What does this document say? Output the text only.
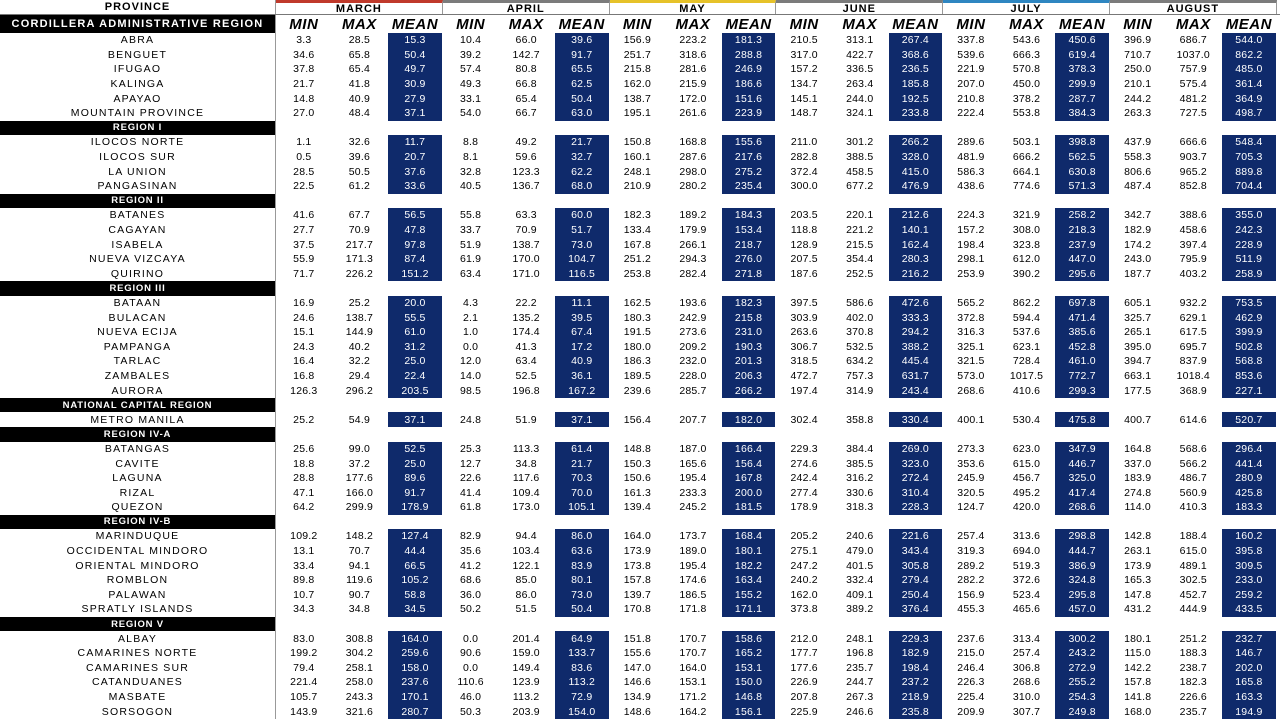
PROVINCE	MARCH	APRIL	MAY	JUNE	JULY	AUGUST
CORDILLERA ADMINISTRATIVE REGION	MIN	MAX	MEAN	MIN	MAX	MEAN	MIN	MAX	MEAN	MIN	MAX	MEAN	MIN	MAX	MEAN	MIN	MAX	MEAN
ABRA	3.3	28.5	15.3	10.4	66.0	39.6	156.9	223.2	181.3	210.5	313.1	267.4	337.8	543.6	450.6	396.9	686.7	544.0
BENGUET	34.6	65.8	50.4	39.2	142.7	91.7	251.7	318.6	288.8	317.0	422.7	368.6	539.6	666.3	619.4	710.7	1037.0	862.2
IFUGAO	37.8	65.4	49.7	57.4	80.8	65.5	215.8	281.6	246.9	157.2	336.5	236.5	221.9	570.8	378.3	250.0	757.9	485.0
KALINGA	21.7	41.8	30.9	49.3	66.8	62.5	162.0	215.9	186.6	134.7	263.4	185.8	207.0	450.0	299.9	210.1	575.4	361.4
APAYAO	14.8	40.9	27.9	33.1	65.4	50.4	138.7	172.0	151.6	145.1	244.0	192.5	210.8	378.2	287.7	244.2	481.2	364.9
MOUNTAIN PROVINCE	27.0	48.4	37.1	54.0	66.7	63.0	195.1	261.6	223.9	148.7	324.1	233.8	222.4	553.8	384.3	263.3	727.5	498.7
REGION I
ILOCOS NORTE	1.1	32.6	11.7	8.8	49.2	21.7	150.8	168.8	155.6	211.0	301.2	266.2	289.6	503.1	398.8	437.9	666.6	548.4
ILOCOS SUR	0.5	39.6	20.7	8.1	59.6	32.7	160.1	287.6	217.6	282.8	388.5	328.0	481.9	666.2	562.5	558.3	903.7	705.3
LA UNION	28.5	50.5	37.6	32.8	123.3	62.2	248.1	298.0	275.2	372.4	458.5	415.0	586.3	664.1	630.8	806.6	965.2	889.8
PANGASINAN	22.5	61.2	33.6	40.5	136.7	68.0	210.9	280.2	235.4	300.0	677.2	476.9	438.6	774.6	571.3	487.4	852.8	704.4
REGION II
BATANES	41.6	67.7	56.5	55.8	63.3	60.0	182.3	189.2	184.3	203.5	220.1	212.6	224.3	321.9	258.2	342.7	388.6	355.0
CAGAYAN	27.7	70.9	47.8	33.7	70.9	51.7	133.4	179.9	153.4	118.8	221.2	140.1	157.2	308.0	218.3	182.9	458.6	242.3
ISABELA	37.5	217.7	97.8	51.9	138.7	73.0	167.8	266.1	218.7	128.9	215.5	162.4	198.4	323.8	237.9	174.2	397.4	228.9
NUEVA VIZCAYA	55.9	171.3	87.4	61.9	170.0	104.7	251.2	294.3	276.0	207.5	354.4	280.3	298.1	612.0	447.0	243.0	795.9	511.9
QUIRINO	71.7	226.2	151.2	63.4	171.0	116.5	253.8	282.4	271.8	187.6	252.5	216.2	253.9	390.2	295.6	187.7	403.2	258.9
REGION III
BATAAN	16.9	25.2	20.0	4.3	22.2	11.1	162.5	193.6	182.3	397.5	586.6	472.6	565.2	862.2	697.8	605.1	932.2	753.5
BULACAN	24.6	138.7	55.5	2.1	135.2	39.5	180.3	242.9	215.8	303.9	402.0	333.3	372.8	594.4	471.4	325.7	629.1	462.9
NUEVA ECIJA	15.1	144.9	61.0	1.0	174.4	67.4	191.5	273.6	231.0	263.6	370.8	294.2	316.3	537.6	385.6	265.1	617.5	399.9
PAMPANGA	24.3	40.2	31.2	0.0	41.3	17.2	180.0	209.2	190.3	306.7	532.5	388.2	325.1	623.1	452.8	395.0	695.7	502.8
TARLAC	16.4	32.2	25.0	12.0	63.4	40.9	186.3	232.0	201.3	318.5	634.2	445.4	321.5	728.4	461.0	394.7	837.9	568.8
ZAMBALES	16.8	29.4	22.4	14.0	52.5	36.1	189.5	228.0	206.3	472.7	757.3	631.7	573.0	1017.5	772.7	663.1	1018.4	853.6
AURORA	126.3	296.2	203.5	98.5	196.8	167.2	239.6	285.7	266.2	197.4	314.9	243.4	268.6	410.6	299.3	177.5	368.9	227.1
NATIONAL CAPITAL REGION
METRO MANILA	25.2	54.9	37.1	24.8	51.9	37.1	156.4	207.7	182.0	302.4	358.8	330.4	400.1	530.4	475.8	400.7	614.6	520.7
REGION IV-A
BATANGAS	25.6	99.0	52.5	25.3	113.3	61.4	148.8	187.0	166.4	229.3	384.4	269.0	273.3	623.0	347.9	164.8	568.6	296.4
CAVITE	18.8	37.2	25.0	12.7	34.8	21.7	150.3	165.6	156.4	274.6	385.5	323.0	353.6	615.0	446.7	337.0	566.2	441.4
LAGUNA	28.8	177.6	89.6	22.6	117.6	70.3	150.6	195.4	167.8	242.4	316.2	272.4	245.9	456.7	325.0	183.9	486.7	280.9
RIZAL	47.1	166.0	91.7	41.4	109.4	70.0	161.3	233.3	200.0	277.4	330.6	310.4	320.5	495.2	417.4	274.8	560.9	425.8
QUEZON	64.2	299.9	178.9	61.8	173.0	105.1	139.4	245.2	181.5	178.9	318.3	228.3	124.7	420.0	268.6	114.0	410.3	183.3
REGION IV-B
MARINDUQUE	109.2	148.2	127.4	82.9	94.4	86.0	164.0	173.7	168.4	205.2	240.6	221.6	257.4	313.6	298.8	142.8	188.4	160.2
OCCIDENTAL MINDORO	13.1	70.7	44.4	35.6	103.4	63.6	173.9	189.0	180.1	275.1	479.0	343.4	319.3	694.0	444.7	263.1	615.0	395.8
ORIENTAL MINDORO	33.4	94.1	66.5	41.2	122.1	83.9	173.8	195.4	182.2	247.2	401.5	305.8	289.2	519.3	386.9	173.9	489.1	309.5
ROMBLON	89.8	119.6	105.2	68.6	85.0	80.1	157.8	174.6	163.4	240.2	332.4	279.4	282.2	372.6	324.8	165.3	302.5	233.0
PALAWAN	10.7	90.7	58.8	36.0	86.0	73.0	139.7	186.5	155.2	162.0	409.1	250.4	156.9	523.4	295.8	147.8	452.7	259.2
SPRATLY ISLANDS	34.3	34.8	34.5	50.2	51.5	50.4	170.8	171.8	171.1	373.8	389.2	376.4	455.3	465.6	457.0	431.2	444.9	433.5
REGION V
ALBAY	83.0	308.8	164.0	0.0	201.4	64.9	151.8	170.7	158.6	212.0	248.1	229.3	237.6	313.4	300.2	180.1	251.2	232.7
CAMARINES NORTE	199.2	304.2	259.6	90.6	159.0	133.7	155.6	170.7	165.2	177.7	196.8	182.9	215.0	257.4	243.2	115.0	188.3	146.7
CAMARINES SUR	79.4	258.1	158.0	0.0	149.4	83.6	147.0	164.0	153.1	177.6	235.7	198.4	246.4	306.8	272.9	142.2	238.7	202.0
CATANDUANES	221.4	258.0	237.6	110.6	123.9	113.2	146.6	153.1	150.0	226.9	244.7	237.2	226.3	268.6	255.2	157.8	182.3	165.8
MASBATE	105.7	243.3	170.1	46.0	113.2	72.9	134.9	171.2	146.8	207.8	267.3	218.9	225.4	310.0	254.3	141.8	226.6	163.3
SORSOGON	143.9	321.6	280.7	50.3	203.9	154.0	148.6	164.2	156.1	225.9	246.6	235.8	209.9	307.7	249.8	168.0	235.7	194.9
